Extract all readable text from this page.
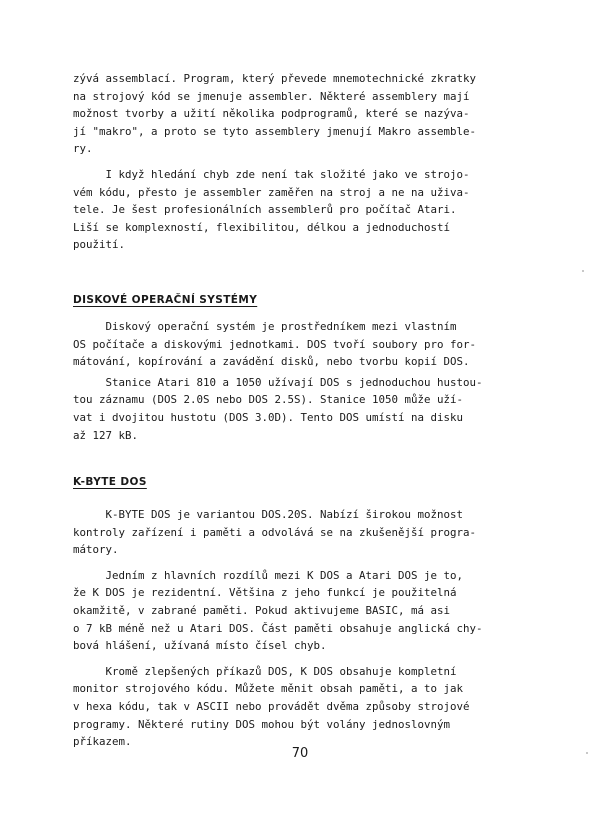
zývá assemblací. Program, který převede mnemotechnické zkratky
na strojový kód se jmenuje assembler. Některé assemblery mají
možnost tvorby a užití několika podprogramů, které se nazýva-
jí "makro", a proto se tyto assemblery jmenují Makro assemble-
ry.

I když hledání chyb zde není tak složité jako ve strojo-
vém kódu, přesto je assembler zaměřen na stroj a ne na uživa-
tele. Je šest profesionálních assemblerů pro počítač Atari.
Liší se komplexností, flexibilitou, délkou a jednoduchostí
použití.

DISKOVÉ OPERAČNÍ SYSTÉMY

Diskový operační systém je prostředníkem mezi vlastním
OS počítače a diskovými jednotkami. DOS tvoří soubory pro for-
mátování, kopírování a zavádění disků, nebo tvorbu kopií DOS.

Stanice Atari 810 a 1050 užívají DOS s jednoduchou hustou-
tou záznamu (DOS 2.0S nebo DOS 2.5S). Stanice 1050 může uží-
vat i dvojitou hustotu (DOS 3.0D). Tento DOS umístí na disku
až 127 kB.

K-BYTE DOS

K-BYTE DOS je variantou DOS.20S. Nabízí širokou možnost
kontroly zařízení i paměti a odvolává se na zkušenější progra-
mátory.

Jedním z hlavních rozdílů mezi K DOS a Atari DOS je to,
že K DOS je rezidentní. Většina z jeho funkcí je použitelná
okamžitě, v zabrané paměti. Pokud aktivujeme BASIC, má asi
o 7 kB méně než u Atari DOS. Část paměti obsahuje anglická chy-
bová hlášení, užívaná místo čísel chyb.

Kromě zlepšených příkazů DOS, K DOS obsahuje kompletní
monitor strojového kódu. Můžete měnit obsah paměti, a to jak
v hexa kódu, tak v ASCII nebo provádět dvěma způsoby strojové
programy. Některé rutiny DOS mohou být volány jednoslovným
příkazem.

70
